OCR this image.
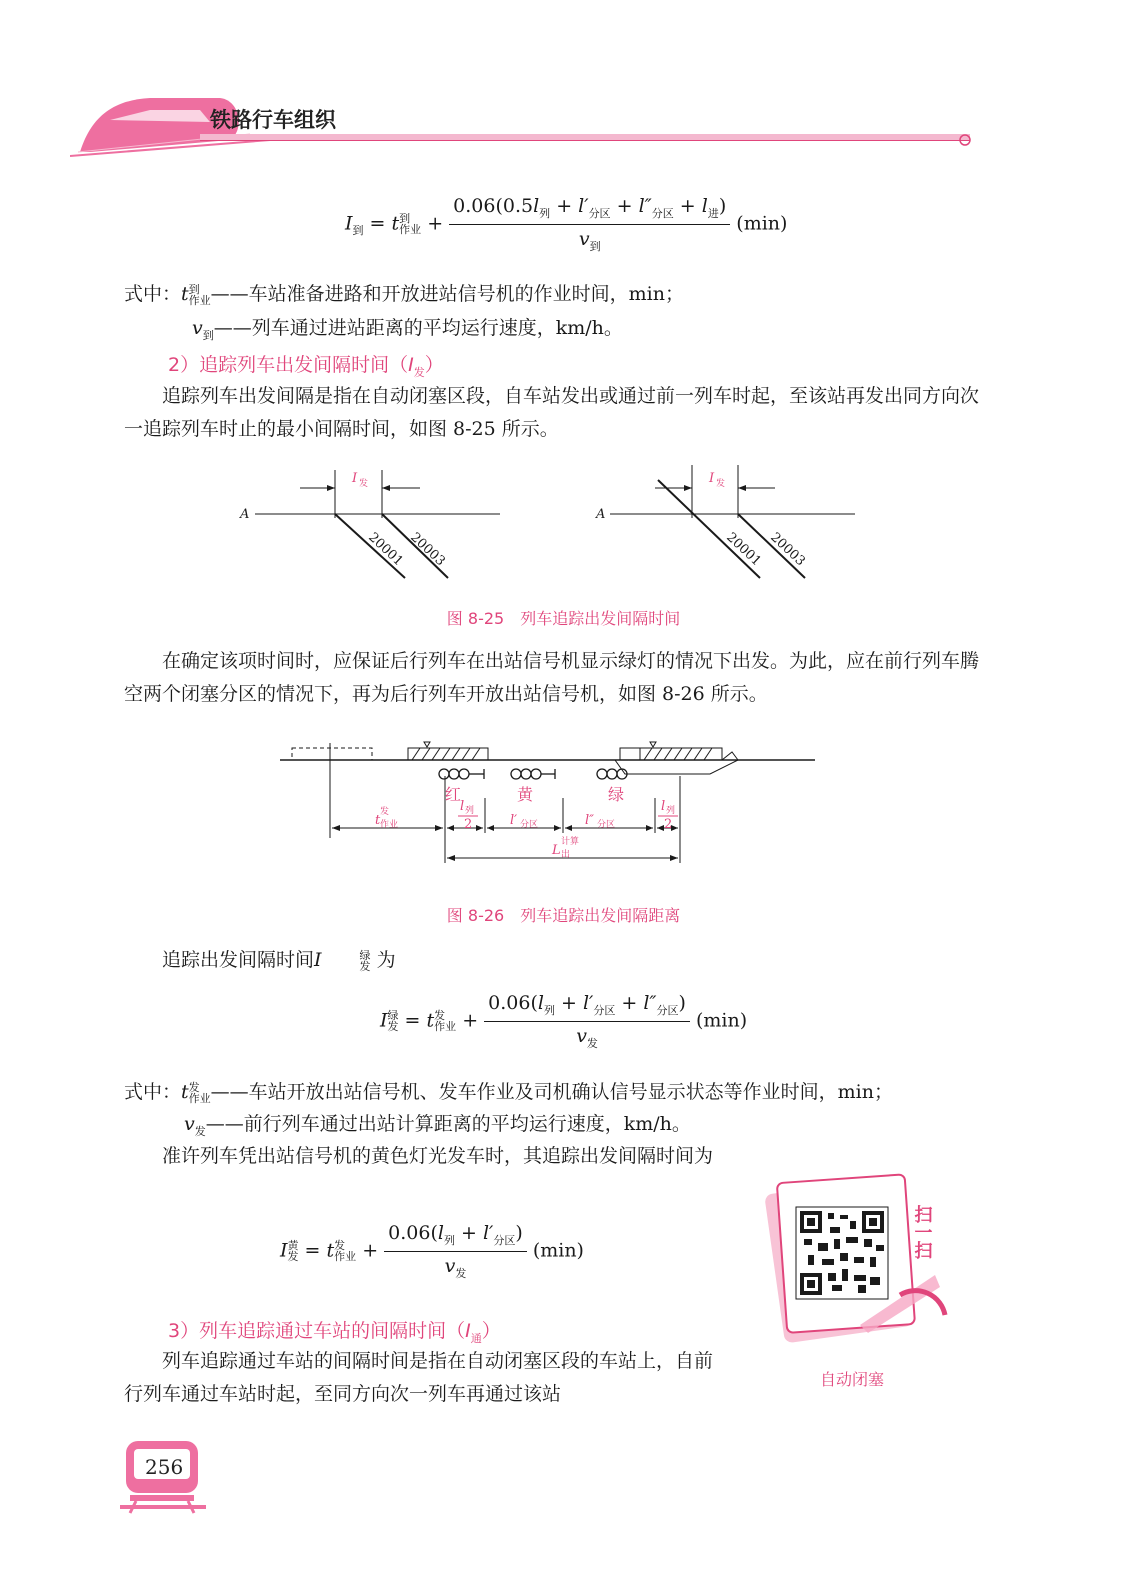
铁路行车组织
$I_到 = t$ 到
作业 + $\frac{0.06(0.5l_列 + l'_{分区} + l''_{分区} + l_进)}{v_到} (\min)$
式中：t 到
作业 ——车站准备进路和开放进站信号机的作业时间，min；
$v_到——$列车通过进站距离的平均运行速度，km/h。
2）追踪列车出发间隔时间$(I_发)$
追踪列车出发间隔是指在自动闭塞区段，自车站发出或通过前一列车时起，至该站再发出同方向次一追踪列车时止的最小间隔时间，如图 8-25 所示。
A
I 发
20001 20003
A
I 发
20001 20003
图 8-25　列车追踪出发间隔时间
在确定该项时间时，应保证后行列车在出站信号机显示绿灯的情况下出发。为此，应在前行列车腾空两个闭塞分区的情况下，再为后行列车开放出站信号机，如图 8-26 所示。
红	黄	绿
t
发
作业
l 列
2	l′ 分区	l″ 分区
l 列
2
L
计算
出
图 8-26　列车追踪出发间隔距离
追踪出发间隔时间I	绿
发 为
I 绿
发 = t 发
作业 + $\frac{0.06(l_列 + l'_{分区} + l''_{分区})}{v_发} (\min)$
式中：t 发
作业 ——车站开放出站信号机、发车作业及司机确认信号显示状态等作业时间，min；
$v_发——$前行列车通过出站计算距离的平均运行速度，km/h。
准许列车凭出站信号机的黄色灯光发车时，其追踪出发间隔时间为
I 黄
发 = t 发
作业 + $\frac{0.06(l_列 + l'_{分区})}{v_发} (\min)$
3）列车追踪通过车站的间隔时间$(I_通)$
列车追踪通过车站的间隔时间是指在自动闭塞区段的车站上，自前行列车通过车站时起，至同方向次一列车再通过该站
扫一扫
自动闭塞
256
